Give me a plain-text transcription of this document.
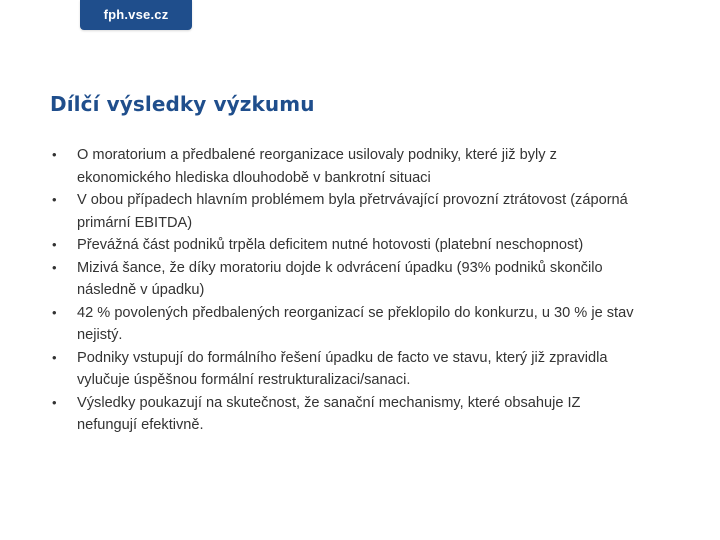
fph.vse.cz
Dílčí výsledky výzkumu
• O moratorium a předbalené reorganizace usilovaly podniky, které již byly z ekonomického hlediska dlouhodobě v bankrotní situaci
• V obou případech hlavním problémem byla přetrvávající provozní ztrátovost (záporná primární EBITDA)
• Převážná část podniků trpěla deficitem nutné hotovosti (platební neschopnost)
• Mizivá šance, že díky moratoriu dojde k odvrácení úpadku (93% podniků skončilo následně v úpadku)
• 42 % povolených předbalených reorganizací se překlopilo do konkurzu, u 30 % je stav nejistý.
• Podniky vstupují do formálního řešení úpadku de facto ve stavu, který již zpravidla vylučuje úspěšnou formální restrukturalizaci/sanaci.
• Výsledky poukazují na skutečnost, že sanační mechanismy, které obsahuje IZ nefungují efektivně.
